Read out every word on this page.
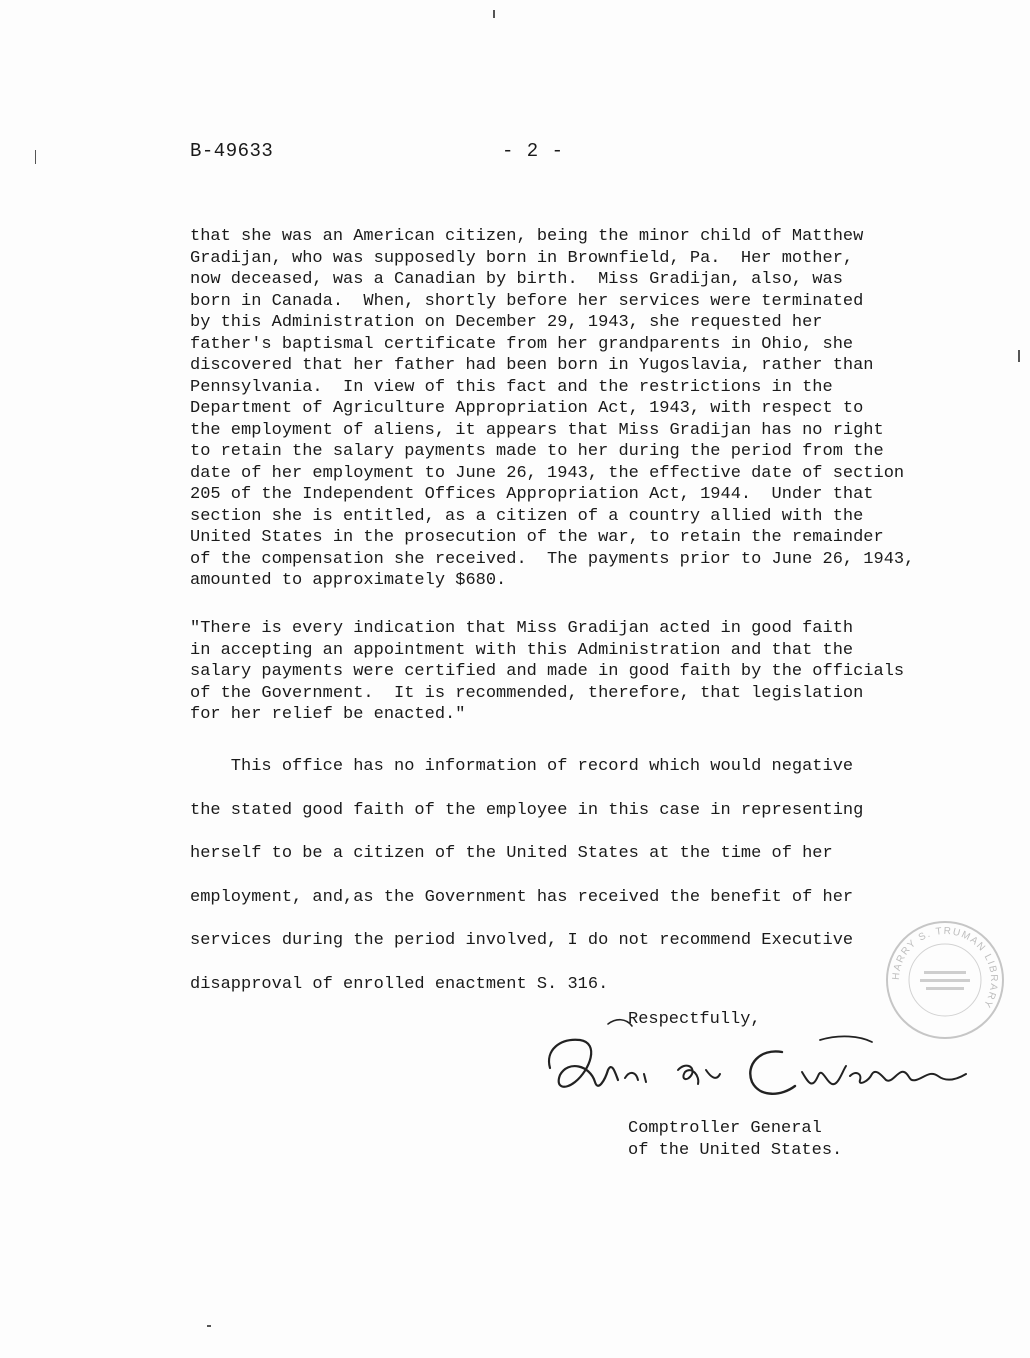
B-49633	- 2 -
that she was an American citizen, being the minor child of Matthew
Gradijan, who was supposedly born in Brownfield, Pa.  Her mother,
now deceased, was a Canadian by birth.  Miss Gradijan, also, was
born in Canada.  When, shortly before her services were terminated
by this Administration on December 29, 1943, she requested her
father's baptismal certificate from her grandparents in Ohio, she
discovered that her father had been born in Yugoslavia, rather than
Pennsylvania.  In view of this fact and the restrictions in the
Department of Agriculture Appropriation Act, 1943, with respect to
the employment of aliens, it appears that Miss Gradijan has no right
to retain the salary payments made to her during the period from the
date of her employment to June 26, 1943, the effective date of section
205 of the Independent Offices Appropriation Act, 1944.  Under that
section she is entitled, as a citizen of a country allied with the
United States in the prosecution of the war, to retain the remainder
of the compensation she received.  The payments prior to June 26, 1943,
amounted to approximately $680.
"There is every indication that Miss Gradijan acted in good faith
in accepting an appointment with this Administration and that the
salary payments were certified and made in good faith by the officials
of the Government.  It is recommended, therefore, that legislation
for her relief be enacted."
This office has no information of record which would negative
the stated good faith of the employee in this case in representing
herself to be a citizen of the United States at the time of her
employment, and,as the Government has received the benefit of her
services during the period involved, I do not recommend Executive
disapproval of enrolled enactment S. 316.
Respectfully,
Comptroller General
of the United States.
HARRY S. TRUMAN LIBRARY
